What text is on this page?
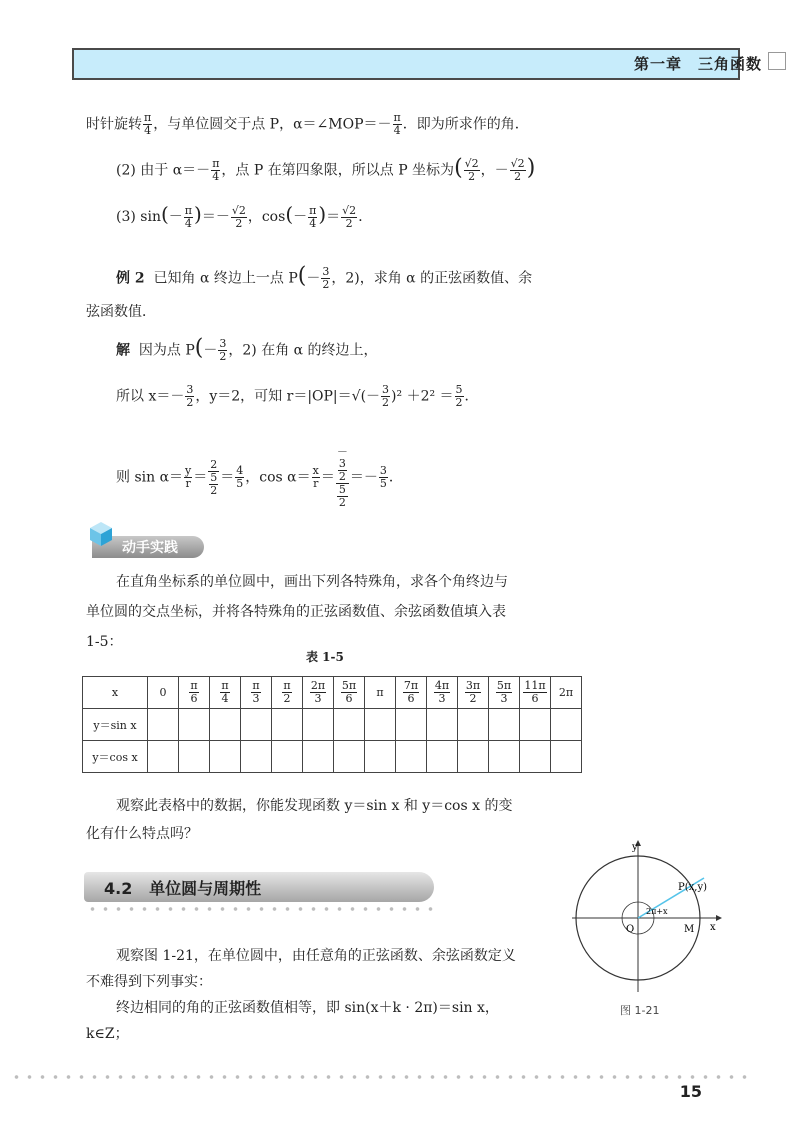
第一章　三角函数
时针旋转 $\frac{\pi}{4}$ ，与单位圆交于点 P，α＝∠MOP＝－ $\frac{\pi}{4}$ ．即为所求作的角．
(2) 由于 $\alpha=- \frac{\pi}{4}$ ，点 P 在第四象限，所以点 P 坐标为( $\frac{√2}{2}$ ，－ $\frac{√2}{2}$ )
(3) $\sin(- \frac{\pi}{4}$ )＝－ $\frac{√2}{2}$ ，$\cos(- \frac{\pi}{4}$ )＝ $\frac{√2}{2}$ ．
例 2 已知角 α 终边上一点 $P(- \frac{3}{2}$ ，2)，求角 α 的正弦函数值、余
弦函数值．
解 因为点 $P(- \frac{3}{2}$ ，2) 在角 α 的终边上，
所以 $x=- \frac{3}{2}$ ，y＝2，可知 $r=|OP|=√(- \frac{3}{2} )^2 +2^2 = \frac{5}{2}$ ．
则 $\sin \alpha= \frac{y}{r} = 2$
5
$2 = \frac{4}{5}$ ，$\cos \alpha= \frac{x}{r}$ ＝ －
3
2
5
$2 =- \frac{3}{5}$ ．
动手实践
在直角坐标系的单位圆中，画出下列各特殊角，求各个角终边与
单位圆的交点坐标，并将各特殊角的正弦函数值、余弦函数值填入表
1-5：
表 1-5
x	0	$\frac{\pi}{6}$	$\frac{\pi}{4}$	$\frac{\pi}{3}$	$\frac{\pi}{2}$	$\frac{2\pi}{3}$	$\frac{5\pi}{6}$	π	$\frac{7\pi}{6}$	$\frac{4\pi}{3}$	$\frac{3\pi}{2}$	$\frac{5\pi}{3}$	$\frac{11\pi}{6}$	2π
y＝sin x														
y＝cos x														
观察此表格中的数据，你能发现函数 y＝sin x 和 y＝cos x 的变
化有什么特点吗？
4.2 单位圆与周期性
观察图 1-21，在单位圆中，由任意角的正弦函数、余弦函数定义
不难得到下列事实：
终边相同的角的正弦函数值相等，即 sin(x＋k · 2π)＝sin x，
k∈Z；
y
x
O	M
P(x,y)
2π+x
图 1-21
15
